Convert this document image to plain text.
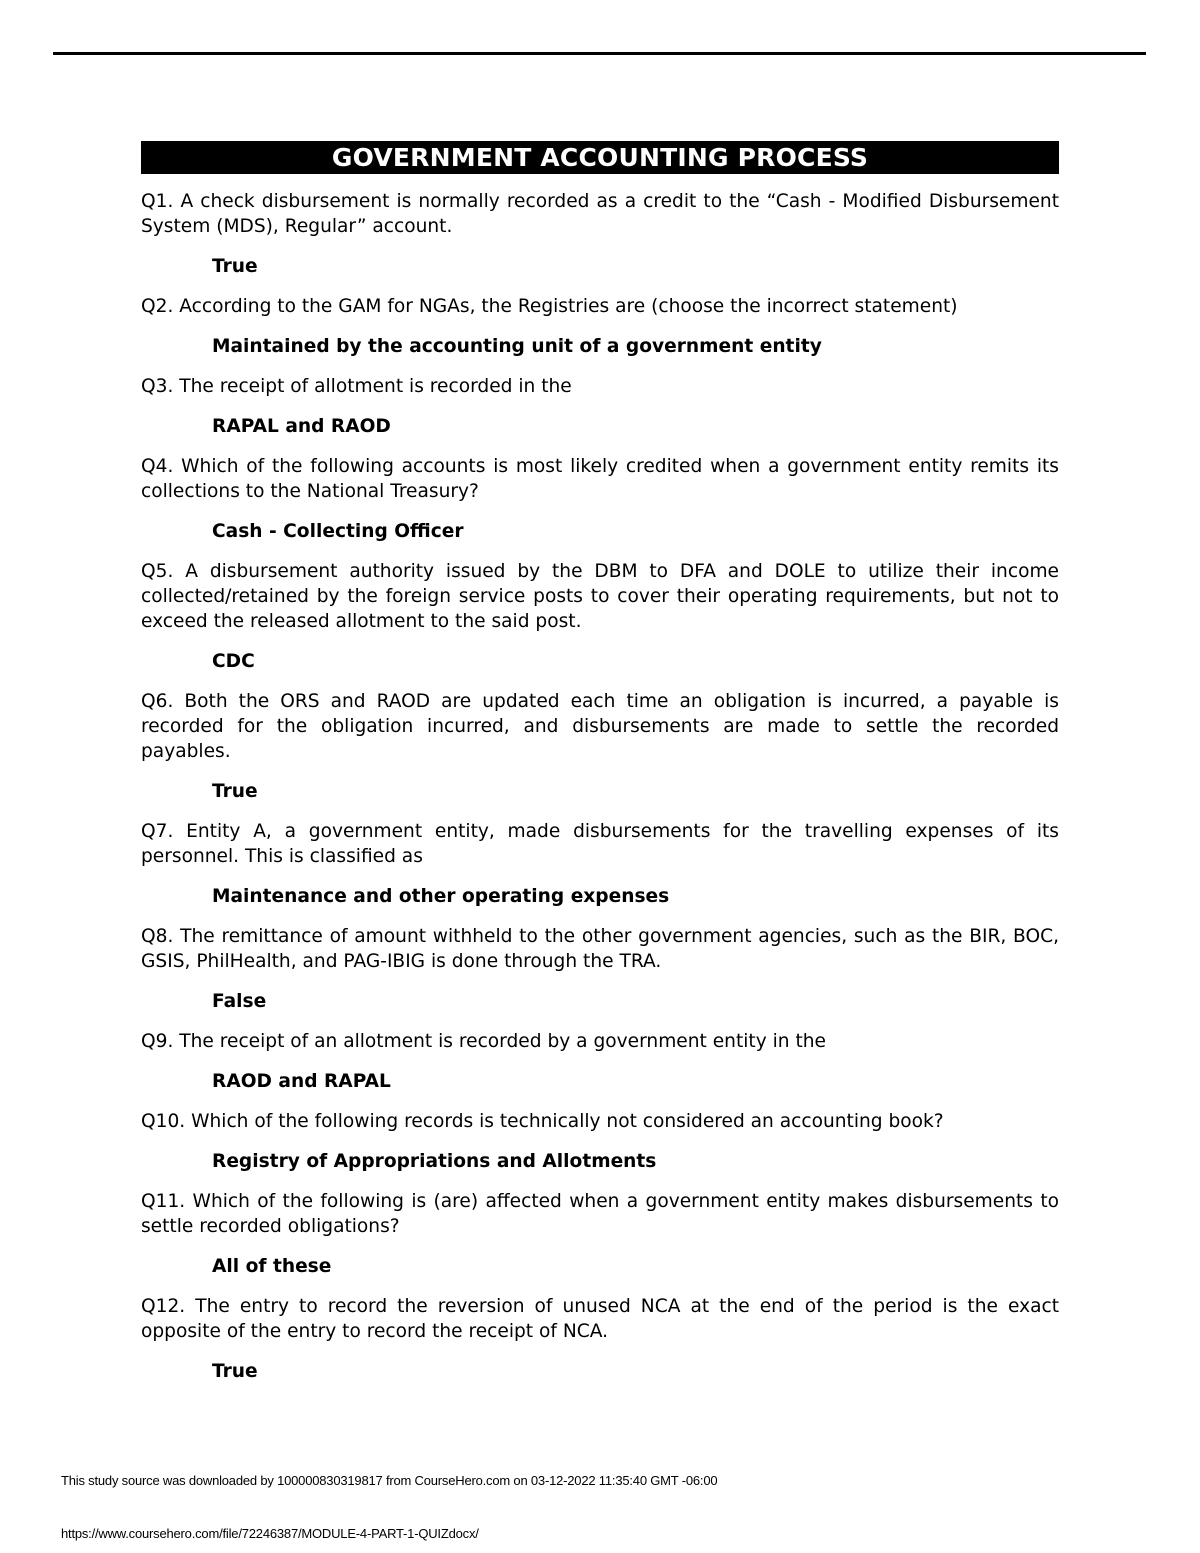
GOVERNMENT ACCOUNTING PROCESS

Q1. A check disbursement is normally recorded as a credit to the “Cash - Modified Disbursement System (MDS), Regular” account.

True

Q2. According to the GAM for NGAs, the Registries are (choose the incorrect statement)

Maintained by the accounting unit of a government entity

Q3. The receipt of allotment is recorded in the

RAPAL and RAOD

Q4. Which of the following accounts is most likely credited when a government entity remits its collections to the National Treasury?

Cash - Collecting Officer

Q5. A disbursement authority issued by the DBM to DFA and DOLE to utilize their income collected/retained by the foreign service posts to cover their operating requirements, but not to exceed the released allotment to the said post.

CDC

Q6. Both the ORS and RAOD are updated each time an obligation is incurred, a payable is recorded for the obligation incurred, and disbursements are made to settle the recorded payables.

True

Q7. Entity A, a government entity, made disbursements for the travelling expenses of its personnel. This is classified as

Maintenance and other operating expenses

Q8. The remittance of amount withheld to the other government agencies, such as the BIR, BOC, GSIS, PhilHealth, and PAG-IBIG is done through the TRA.

False

Q9. The receipt of an allotment is recorded by a government entity in the

RAOD and RAPAL

Q10. Which of the following records is technically not considered an accounting book?

Registry of Appropriations and Allotments

Q11. Which of the following is (are) affected when a government entity makes disbursements to settle recorded obligations?

All of these

Q12. The entry to record the reversion of unused NCA at the end of the period is the exact opposite of the entry to record the receipt of NCA.

True

This study source was downloaded by 100000830319817 from CourseHero.com on 03-12-2022 11:35:40 GMT -06:00
https://www.coursehero.com/file/72246387/MODULE-4-PART-1-QUIZdocx/
